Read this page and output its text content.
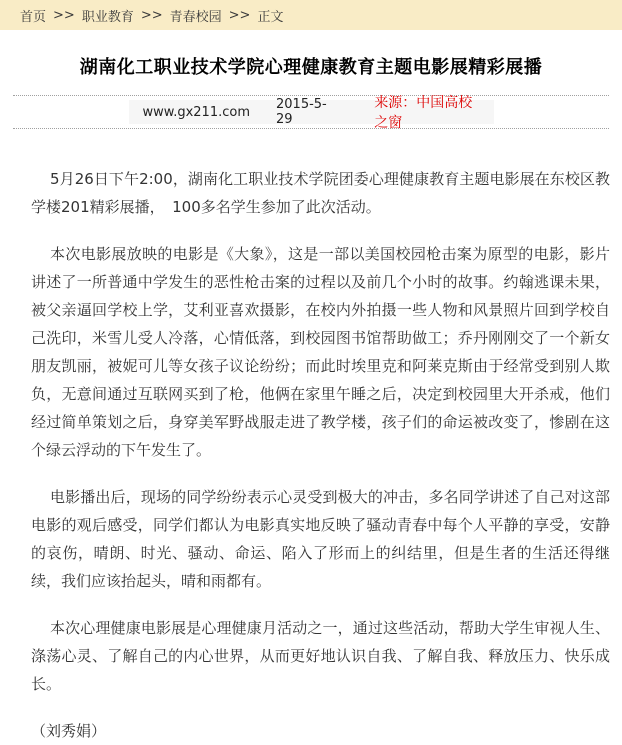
首页 >> 职业教育 >> 青春校园 >> 正文
湖南化工职业技术学院心理健康教育主题电影展精彩展播
www.gx211.com 2015-5-29
来源：中国高校之窗

5月26日下午2:00，湖南化工职业技术学院团委心理健康教育主题电影展在东校区教学楼201精彩展播，　100多名学生参加了此次活动。

本次电影展放映的电影是《大象》，这是一部以美国校园枪击案为原型的电影，影片讲述了一所普通中学发生的恶性枪击案的过程以及前几个小时的故事。约翰逃课未果，被父亲逼回学校上学，艾利亚喜欢摄影，在校内外拍摄一些人物和风景照片回到学校自己洗印，米雪儿受人冷落，心情低落，到校园图书馆帮助做工；乔丹刚刚交了一个新女朋友凯丽，被妮可儿等女孩子议论纷纷；而此时埃里克和阿莱克斯由于经常受到别人欺负，无意间通过互联网买到了枪，他俩在家里午睡之后，决定到校园里大开杀戒，他们经过简单策划之后，身穿美军野战服走进了教学楼，孩子们的命运被改变了，惨剧在这个绿云浮动的下午发生了。

电影播出后，现场的同学纷纷表示心灵受到极大的冲击，多名同学讲述了自己对这部电影的观后感受，同学们都认为电影真实地反映了骚动青春中每个人平静的享受，安静的哀伤，晴朗、时光、骚动、命运、陷入了形而上的纠结里，但是生者的生活还得继续，我们应该抬起头，晴和雨都有。

本次心理健康电影展是心理健康月活动之一，通过这些活动，帮助大学生审视人生、涤荡心灵、了解自己的内心世界，从而更好地认识自我、了解自我、释放压力、快乐成长。

（刘秀娟）
